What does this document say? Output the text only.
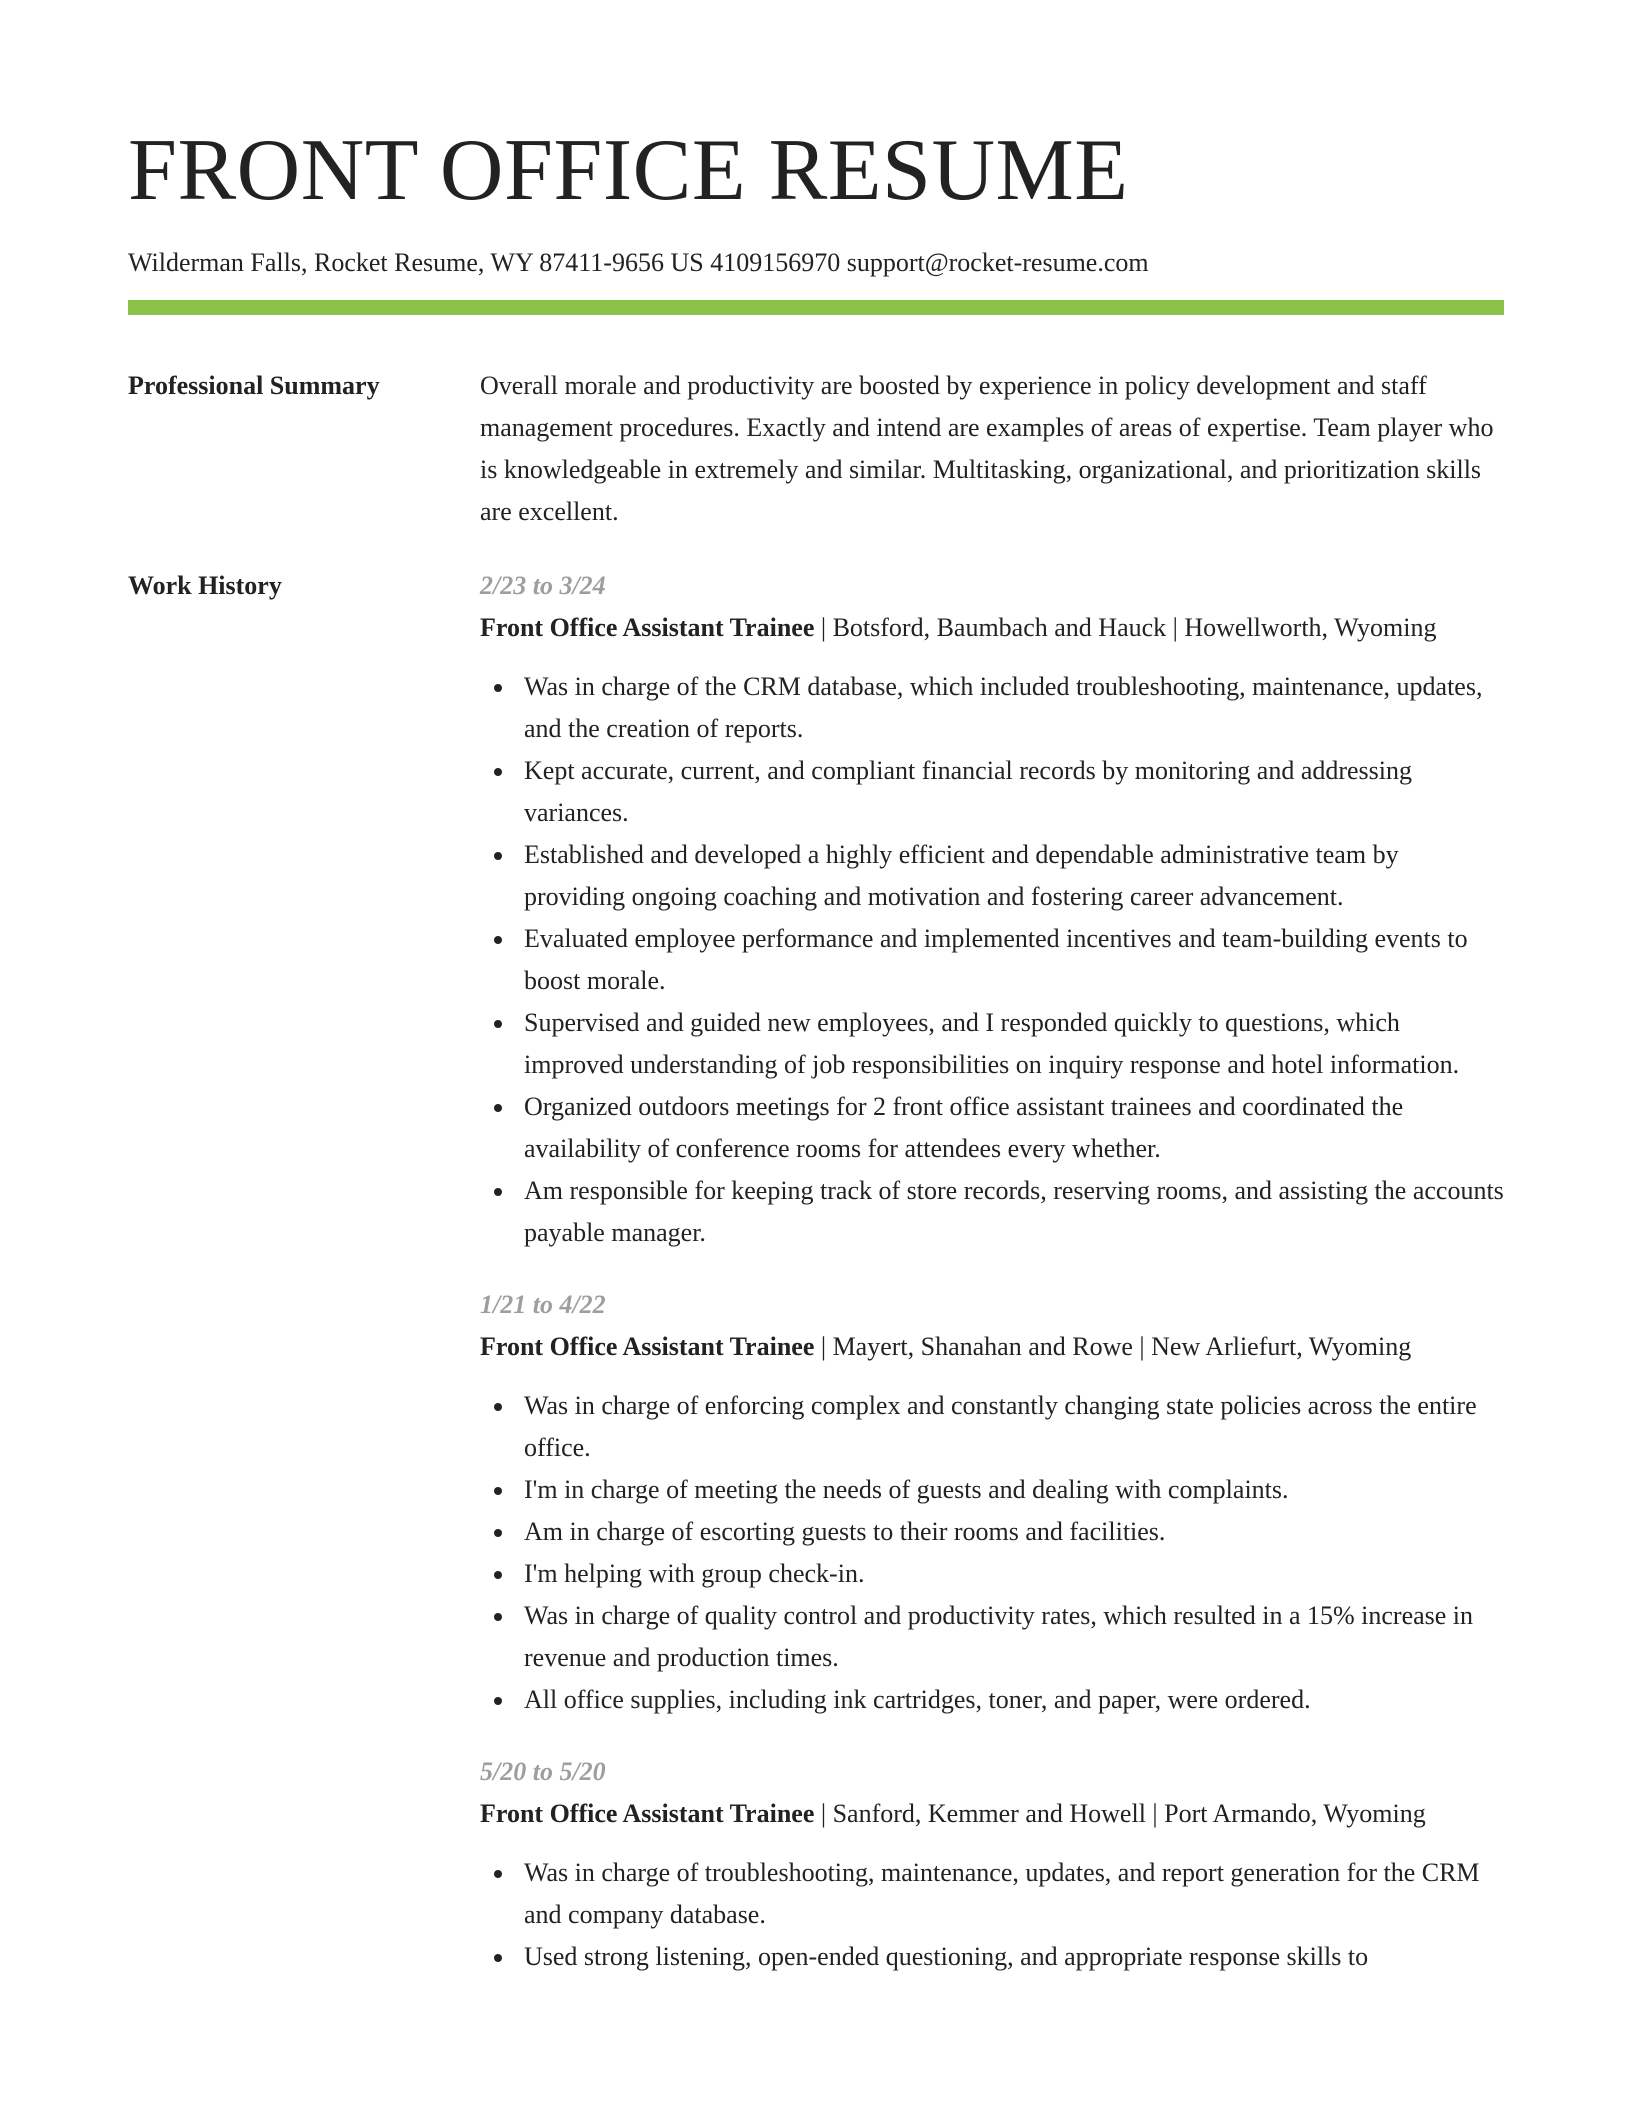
FRONT OFFICE RESUME
Wilderman Falls, Rocket Resume, WY 87411-9656 US 4109156970 support@rocket-resume.com
Professional Summary	Overall morale and productivity are boosted by experience in policy development and staff management procedures. Exactly and intend are examples of areas of expertise. Team player who is knowledgeable in extremely and similar. Multitasking, organizational, and prioritization skills are excellent.
Work History	2/23 to 3/24
Front Office Assistant Trainee | Botsford, Baumbach and Hauck | Howellworth, Wyoming
Was in charge of the CRM database, which included troubleshooting, maintenance, updates, and the creation of reports.
Kept accurate, current, and compliant financial records by monitoring and addressing variances.
Established and developed a highly efficient and dependable administrative team by providing ongoing coaching and motivation and fostering career advancement.
Evaluated employee performance and implemented incentives and team-building events to boost morale.
Supervised and guided new employees, and I responded quickly to questions, which improved understanding of job responsibilities on inquiry response and hotel information.
Organized outdoors meetings for 2 front office assistant trainees and coordinated the availability of conference rooms for attendees every whether.
Am responsible for keeping track of store records, reserving rooms, and assisting the accounts payable manager.
1/21 to 4/22
Front Office Assistant Trainee | Mayert, Shanahan and Rowe | New Arliefurt, Wyoming
Was in charge of enforcing complex and constantly changing state policies across the entire office.
I'm in charge of meeting the needs of guests and dealing with complaints.
Am in charge of escorting guests to their rooms and facilities.
I'm helping with group check-in.
Was in charge of quality control and productivity rates, which resulted in a 15% increase in revenue and production times.
All office supplies, including ink cartridges, toner, and paper, were ordered.
5/20 to 5/20
Front Office Assistant Trainee | Sanford, Kemmer and Howell | Port Armando, Wyoming
Was in charge of troubleshooting, maintenance, updates, and report generation for the CRM and company database.
Used strong listening, open-ended questioning, and appropriate response skills to
